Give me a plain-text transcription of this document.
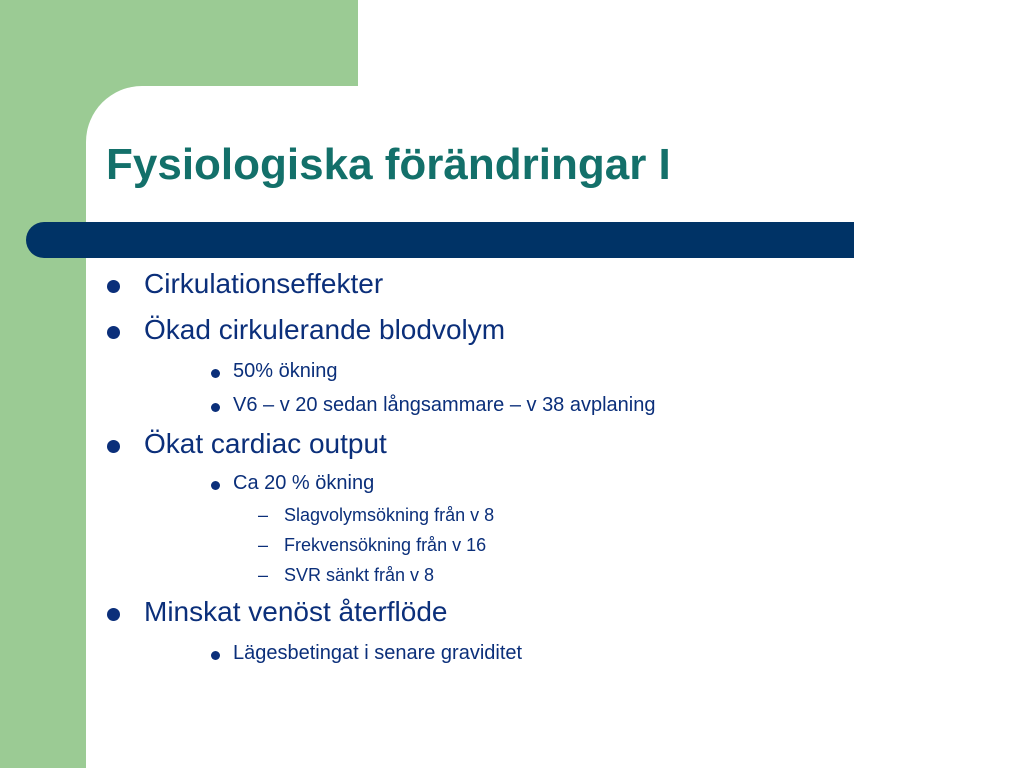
Fysiologiska förändringar I
Cirkulationseffekter
Ökad cirkulerande blodvolym
50% ökning
V6 – v 20 sedan långsammare – v 38 avplaning
Ökat cardiac output
Ca 20 % ökning
– Slagvolymsökning från v 8
– Frekvensökning från v 16
– SVR sänkt från v 8
Minskat venöst återflöde
Lägesbetingat i senare graviditet
